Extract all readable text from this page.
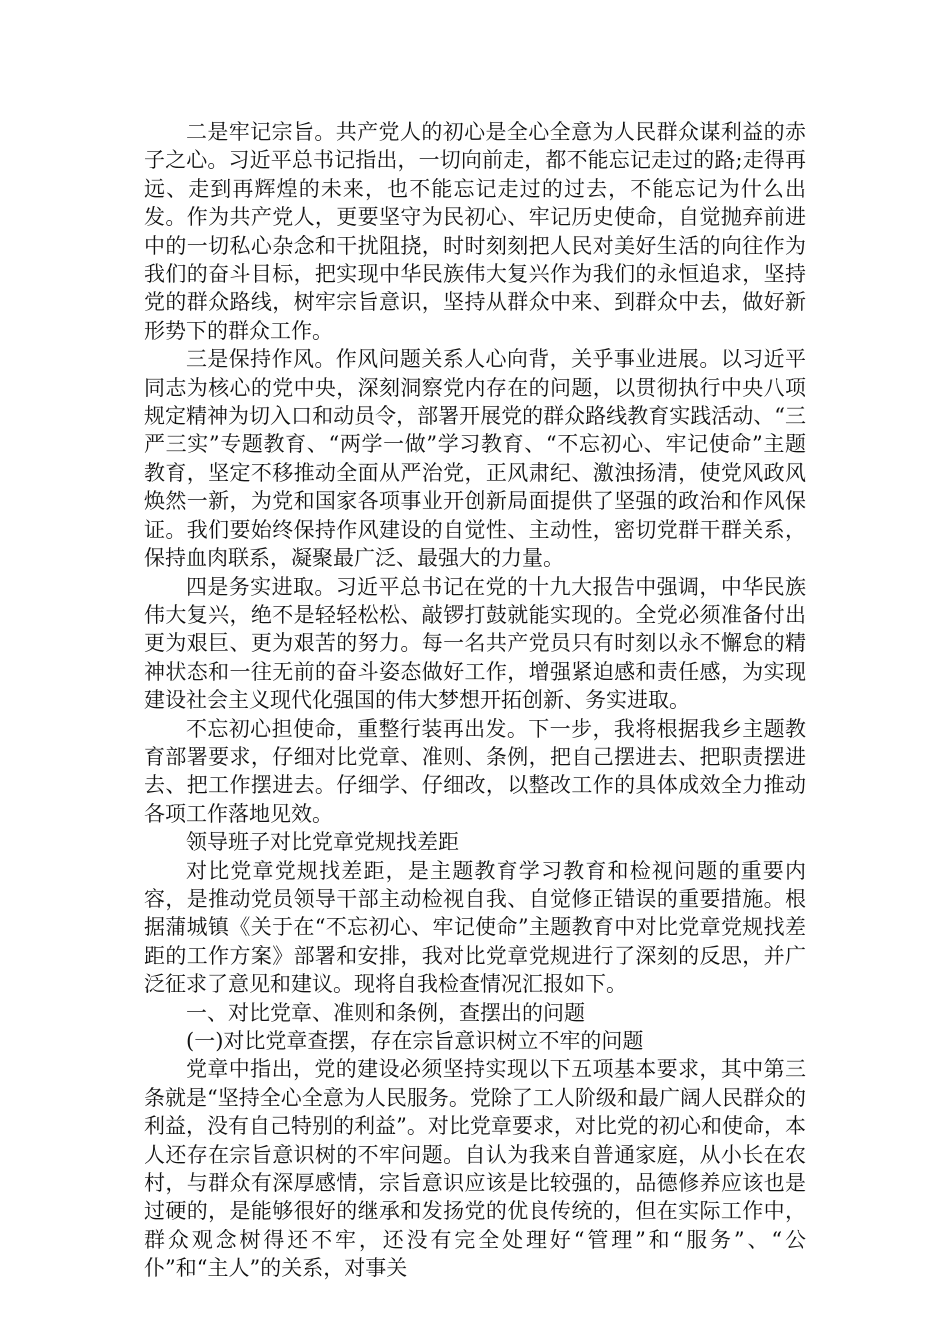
二是牢记宗旨。共产党人的初心是全心全意为人民群众谋利益的赤子之心。习近平总书记指出，一切向前走，都不能忘记走过的路;走得再远、走到再辉煌的未来，也不能忘记走过的过去，不能忘记为什么出发。作为共产党人，更要坚守为民初心、牢记历史使命，自觉抛弃前进中的一切私心杂念和干扰阻挠，时时刻刻把人民对美好生活的向往作为我们的奋斗目标，把实现中华民族伟大复兴作为我们的永恒追求，坚持党的群众路线，树牢宗旨意识，坚持从群众中来、到群众中去，做好新形势下的群众工作。

三是保持作风。作风问题关系人心向背，关乎事业进展。以习近平同志为核心的党中央，深刻洞察党内存在的问题，以贯彻执行中央八项规定精神为切入口和动员令，部署开展党的群众路线教育实践活动、“三严三实”专题教育、“两学一做”学习教育、“不忘初心、牢记使命”主题教育，坚定不移推动全面从严治党，正风肃纪、激浊扬清，使党风政风焕然一新，为党和国家各项事业开创新局面提供了坚强的政治和作风保证。我们要始终保持作风建设的自觉性、主动性，密切党群干群关系，保持血肉联系，凝聚最广泛、最强大的力量。

四是务实进取。习近平总书记在党的十九大报告中强调，中华民族伟大复兴，绝不是轻轻松松、敲锣打鼓就能实现的。全党必须准备付出更为艰巨、更为艰苦的努力。每一名共产党员只有时刻以永不懈怠的精神状态和一往无前的奋斗姿态做好工作，增强紧迫感和责任感，为实现建设社会主义现代化强国的伟大梦想开拓创新、务实进取。

不忘初心担使命，重整行装再出发。下一步，我将根据我乡主题教育部署要求，仔细对比党章、准则、条例，把自己摆进去、把职责摆进去、把工作摆进去。仔细学、仔细改，以整改工作的具体成效全力推动各项工作落地见效。

领导班子对比党章党规找差距

对比党章党规找差距，是主题教育学习教育和检视问题的重要内容，是推动党员领导干部主动检视自我、自觉修正错误的重要措施。根据蒲城镇《关于在“不忘初心、牢记使命”主题教育中对比党章党规找差距的工作方案》部署和安排，我对比党章党规进行了深刻的反思，并广泛征求了意见和建议。现将自我检查情况汇报如下。

一、对比党章、准则和条例，查摆出的问题

(一)对比党章查摆，存在宗旨意识树立不牢的问题

党章中指出，党的建设必须坚持实现以下五项基本要求，其中第三条就是“坚持全心全意为人民服务。党除了工人阶级和最广阔人民群众的利益，没有自己特别的利益”。对比党章要求，对比党的初心和使命，本人还存在宗旨意识树的不牢问题。自认为我来自普通家庭，从小长在农村，与群众有深厚感情，宗旨意识应该是比较强的，品德修养应该也是过硬的，是能够很好的继承和发扬党的优良传统的，但在实际工作中，群众观念树得还不牢，还没有完全处理好“管理”和“服务”、“公仆”和“主人”的关系，对事关
